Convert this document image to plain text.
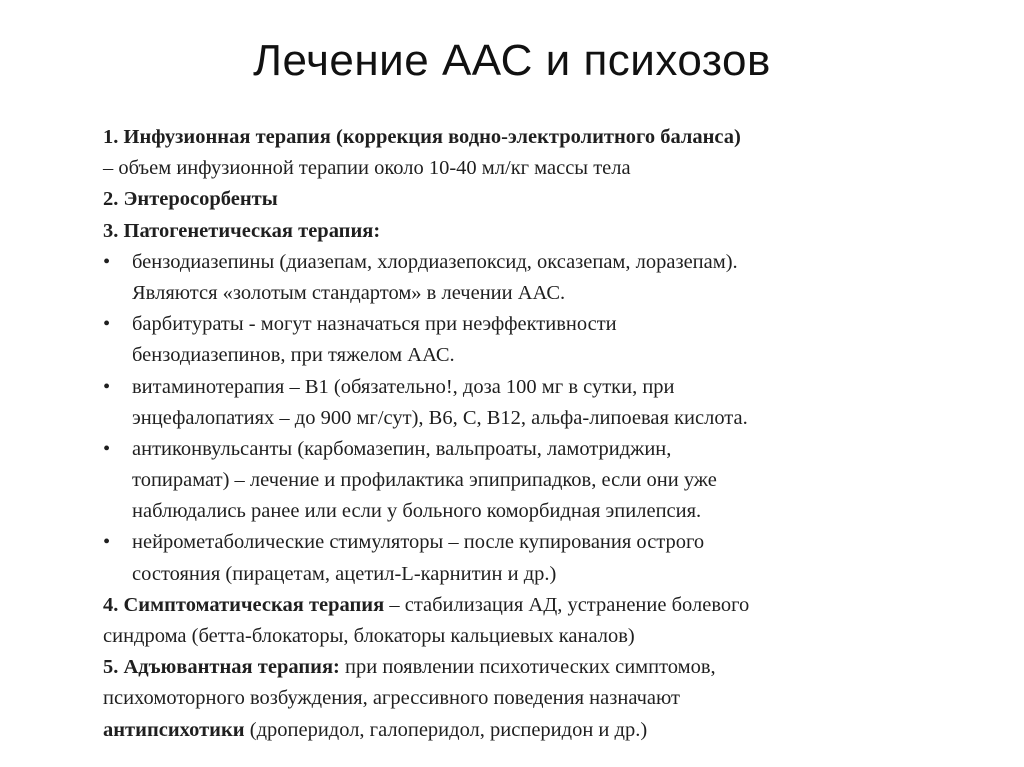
Лечение ААС и психозов
1. Инфузионная терапия (коррекция водно-электролитного баланса)
– объем инфузионной терапии около 10-40 мл/кг массы тела
2. Энтеросорбенты
3. Патогенетическая терапия:
• бензодиазепины (диазепам, хлордиазепоксид, оксазепам, лоразепам).
Являются «золотым стандартом» в лечении ААС.
• барбитураты - могут назначаться при неэффективности
бензодиазепинов, при тяжелом ААС.
• витаминотерапия – В1 (обязательно!, доза 100 мг в сутки, при
энцефалопатиях – до 900 мг/сут), В6, С, В12, альфа-липоевая кислота.
• антиконвульсанты (карбомазепин, вальпроаты, ламотриджин,
топирамат) – лечение и профилактика эпиприпадков, если они уже
наблюдались ранее или если у больного коморбидная эпилепсия.
• нейрометаболические стимуляторы – после купирования острого
состояния (пирацетам, ацетил-L-карнитин и др.)
4. Симптоматическая терапия – стабилизация АД, устранение болевого
синдрома (бетта-блокаторы, блокаторы кальциевых каналов)
5. Адъювантная терапия: при появлении психотических симптомов,
психомоторного возбуждения, агрессивного поведения назначают
антипсихотики (дроперидол, галоперидол, рисперидон и др.)
